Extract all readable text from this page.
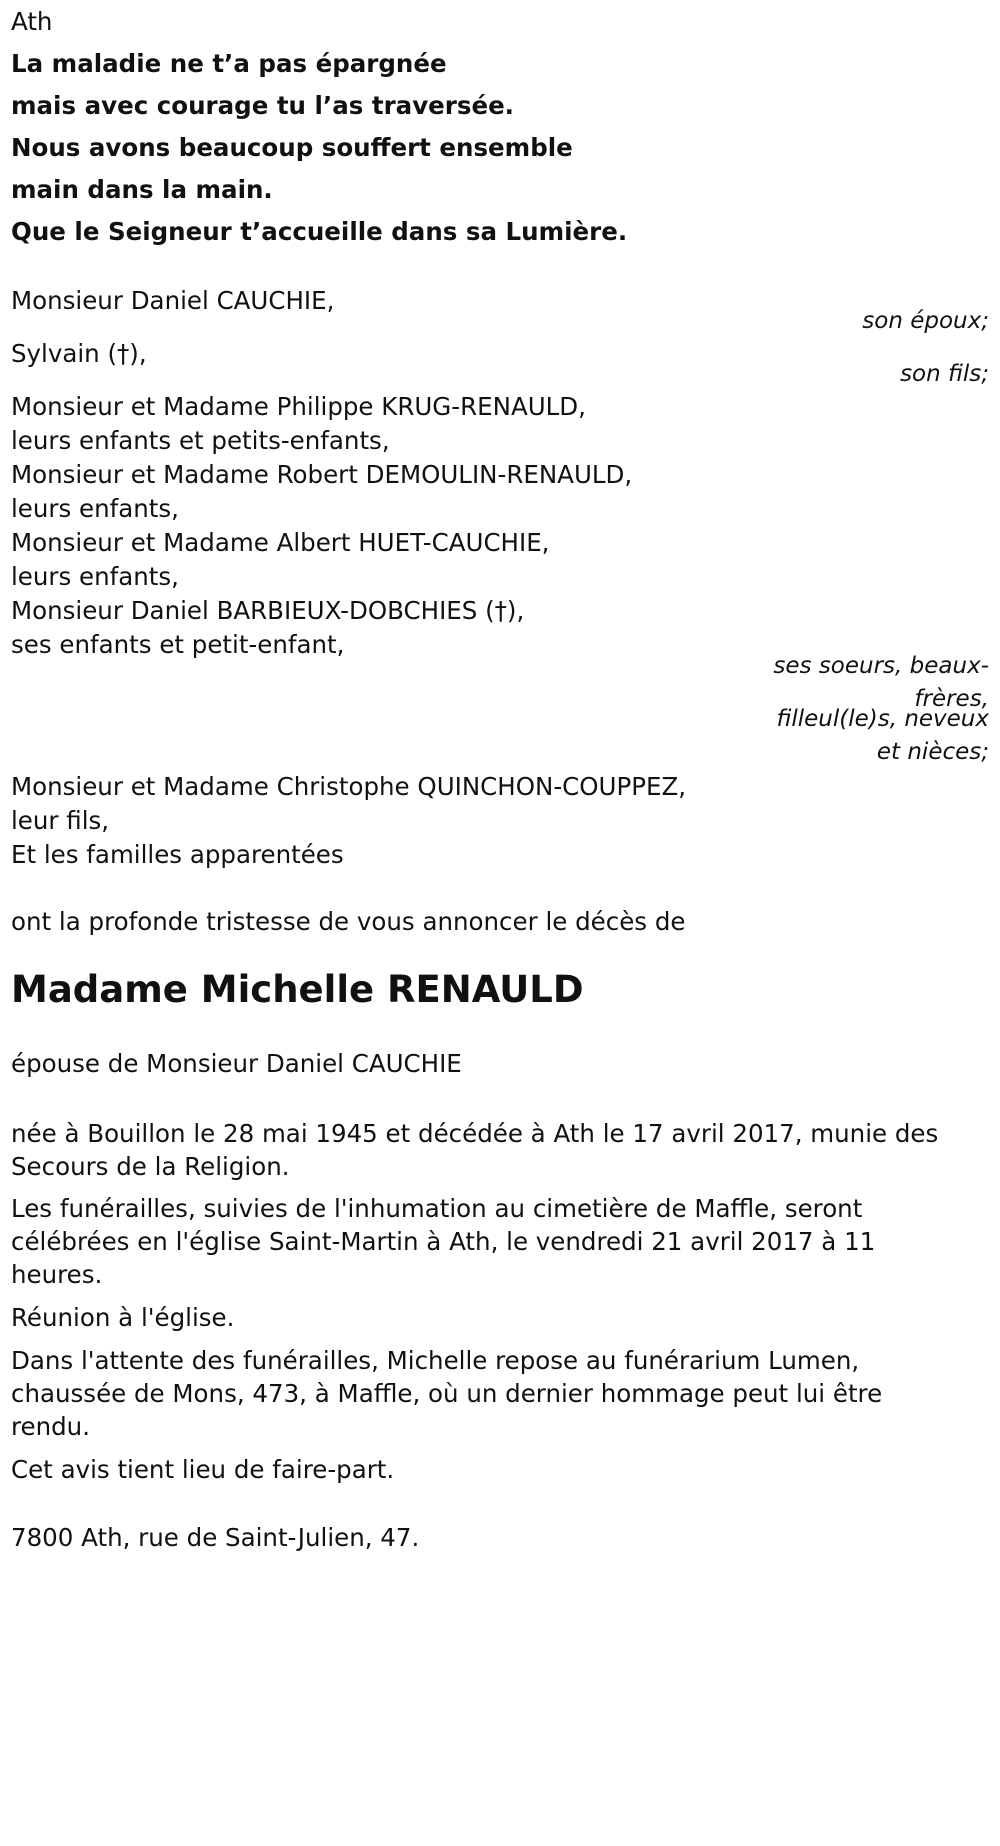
Ath
La maladie ne t’a pas épargnée
mais avec courage tu l’as traversée.
Nous avons beaucoup souffert ensemble
main dans la main.
Que le Seigneur t’accueille dans sa Lumière.
Monsieur Daniel CAUCHIE,
son époux;
Sylvain (†),
son fils;
Monsieur et Madame Philippe KRUG-RENAULD,
leurs enfants et petits-enfants,
Monsieur et Madame Robert DEMOULIN-RENAULD,
leurs enfants,
Monsieur et Madame Albert HUET-CAUCHIE,
leurs enfants,
Monsieur Daniel BARBIEUX-DOBCHIES (†),
ses enfants et petit-enfant,
ses soeurs, beaux-
frères,
filleul(le)s, neveux
et nièces;
Monsieur et Madame Christophe QUINCHON-COUPPEZ,
leur fils,
Et les familles apparentées
ont la profonde tristesse de vous annoncer le décès de
Madame Michelle RENAULD
épouse de Monsieur Daniel CAUCHIE
née à Bouillon le 28 mai 1945 et décédée à Ath le 17 avril 2017, munie des
Secours de la Religion.
Les funérailles, suivies de l'inhumation au cimetière de Maffle, seront
célébrées en l'église Saint-Martin à Ath, le vendredi 21 avril 2017 à 11
heures.
Réunion à l'église.
Dans l'attente des funérailles, Michelle repose au funérarium Lumen,
chaussée de Mons, 473, à Maffle, où un dernier hommage peut lui être
rendu.
Cet avis tient lieu de faire-part.
7800 Ath, rue de Saint-Julien, 47.
